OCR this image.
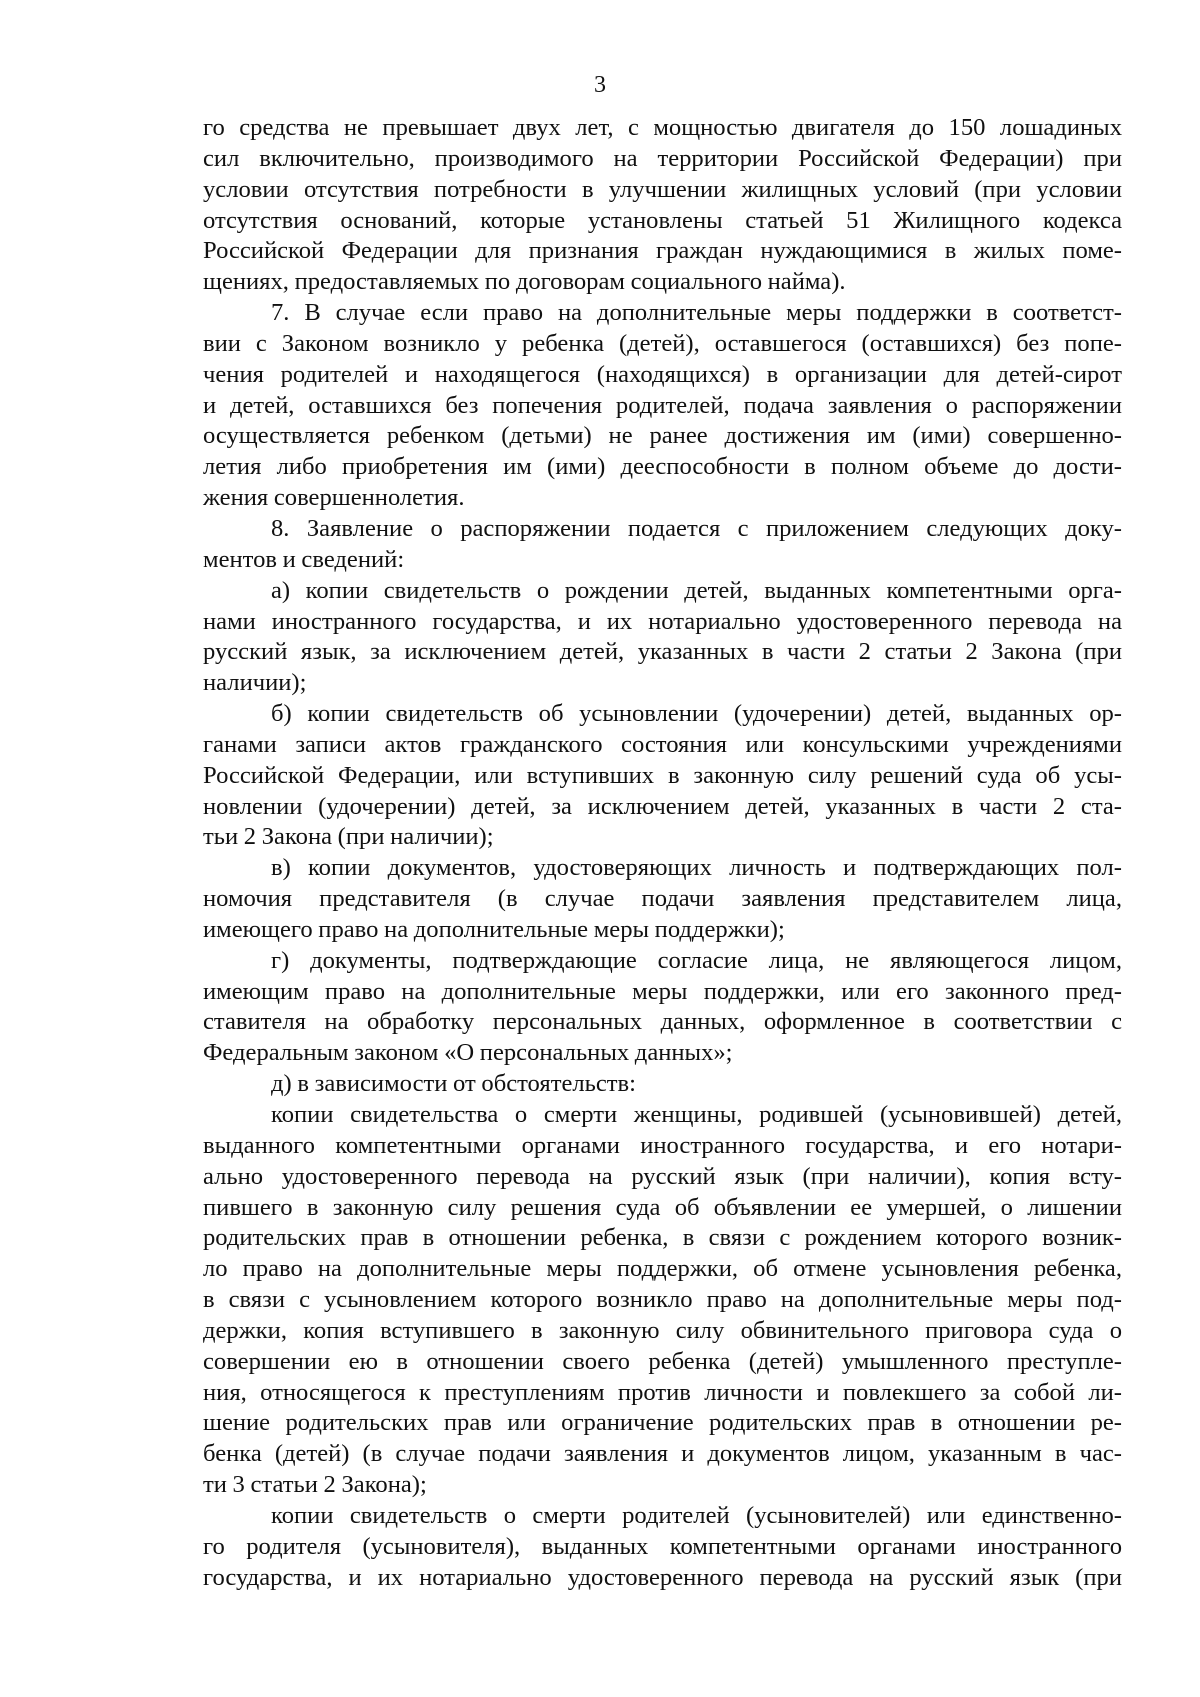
3
го средства не превышает двух лет, с мощностью двигателя до 150 лошадиных
сил включительно, производимого на территории Российской Федерации) при
условии отсутствия потребности в улучшении жилищных условий (при условии
отсутствия оснований, которые установлены статьей 51 Жилищного кодекса
Российской Федерации для признания граждан нуждающимися в жилых поме-
щениях, предоставляемых по договорам социального найма).
7. В случае если право на дополнительные меры поддержки в соответст-
вии с Законом возникло у ребенка (детей), оставшегося (оставшихся) без попе-
чения родителей и находящегося (находящихся) в организации для детей-сирот
и детей, оставшихся без попечения родителей, подача заявления о распоряжении
осуществляется ребенком (детьми) не ранее достижения им (ими) совершенно-
летия либо приобретения им (ими) дееспособности в полном объеме до дости-
жения совершеннолетия.
8. Заявление о распоряжении подается с приложением следующих доку-
ментов и сведений:
а) копии свидетельств о рождении детей, выданных компетентными орга-
нами иностранного государства, и их нотариально удостоверенного перевода на
русский язык, за исключением детей, указанных в части 2 статьи 2 Закона (при
наличии);
б) копии свидетельств об усыновлении (удочерении) детей, выданных ор-
ганами записи актов гражданского состояния или консульскими учреждениями
Российской Федерации, или вступивших в законную силу решений суда об усы-
новлении (удочерении) детей, за исключением детей, указанных в части 2 ста-
тьи 2 Закона (при наличии);
в) копии документов, удостоверяющих личность и подтверждающих пол-
номочия представителя (в случае подачи заявления представителем лица,
имеющего право на дополнительные меры поддержки);
г) документы, подтверждающие согласие лица, не являющегося лицом,
имеющим право на дополнительные меры поддержки, или его законного пред-
ставителя на обработку персональных данных, оформленное в соответствии с
Федеральным законом «О персональных данных»;
д) в зависимости от обстоятельств:
копии свидетельства о смерти женщины, родившей (усыновившей) детей,
выданного компетентными органами иностранного государства, и его нотари-
ально удостоверенного перевода на русский язык (при наличии), копия всту-
пившего в законную силу решения суда об объявлении ее умершей, о лишении
родительских прав в отношении ребенка, в связи с рождением которого возник-
ло право на дополнительные меры поддержки, об отмене усыновления ребенка,
в связи с усыновлением которого возникло право на дополнительные меры под-
держки, копия вступившего в законную силу обвинительного приговора суда о
совершении ею в отношении своего ребенка (детей) умышленного преступле-
ния, относящегося к преступлениям против личности и повлекшего за собой ли-
шение родительских прав или ограничение родительских прав в отношении ре-
бенка (детей) (в случае подачи заявления и документов лицом, указанным в час-
ти 3 статьи 2 Закона);
копии свидетельств о смерти родителей (усыновителей) или единственно-
го родителя (усыновителя), выданных компетентными органами иностранного
государства, и их нотариально удостоверенного перевода на русский язык (при
